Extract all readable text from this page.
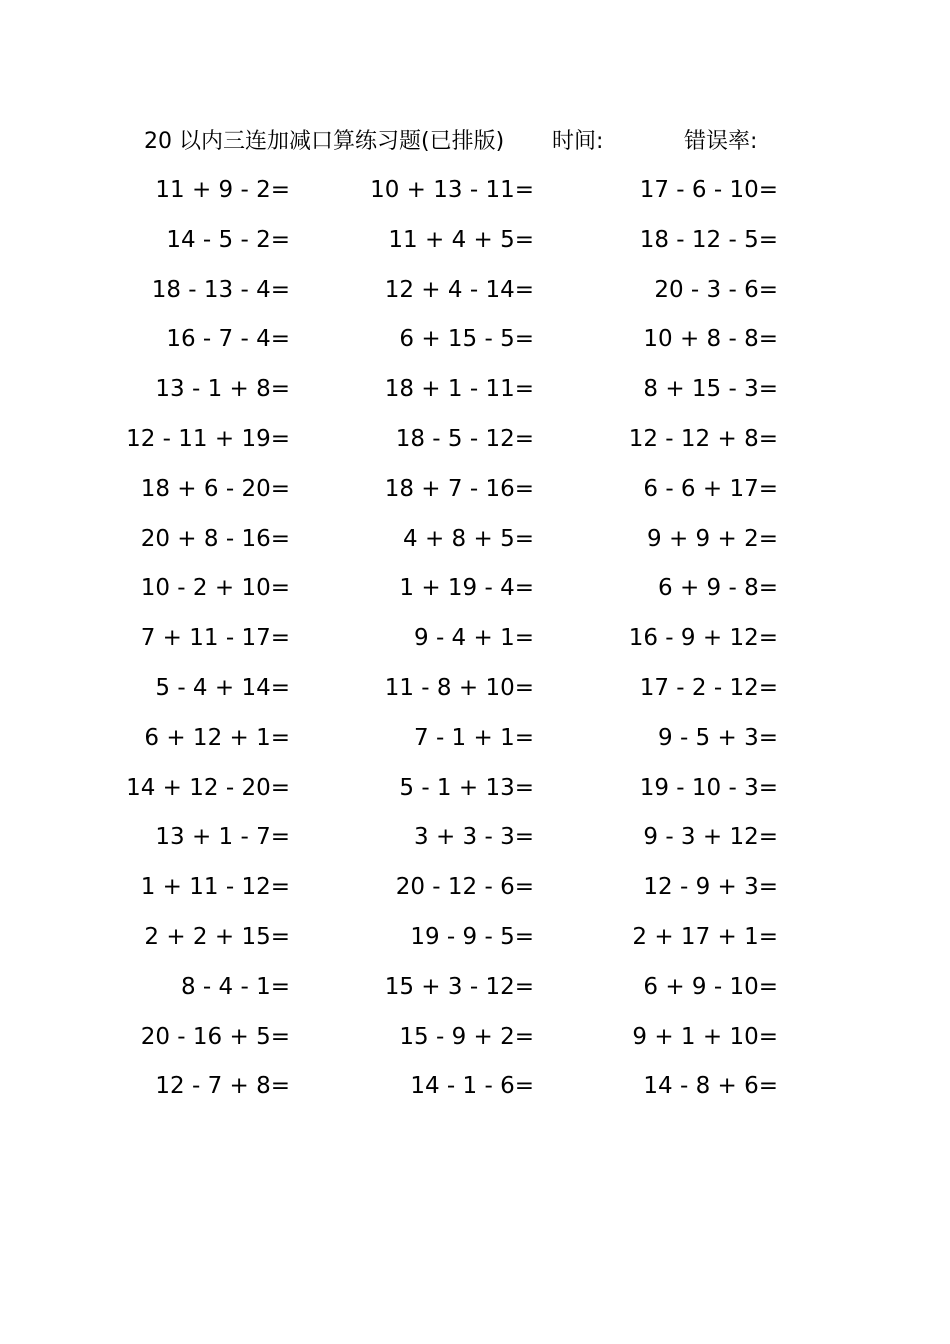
20 以内三连加减口算练习题(已排版) 时间:	错误率:
11 + 9 - 2=	10 + 13 - 11=	17 - 6 - 10=
14 - 5 - 2=	11 + 4 + 5=	18 - 12 - 5=
18 - 13 - 4=	12 + 4 - 14=	20 - 3 - 6=
16 - 7 - 4=	6 + 15 - 5=	10 + 8 - 8=
13 - 1 + 8=	18 + 1 - 11=	8 + 15 - 3=
12 - 11 + 19=	18 - 5 - 12=	12 - 12 + 8=
18 + 6 - 20=	18 + 7 - 16=	6 - 6 + 17=
20 + 8 - 16=	4 + 8 + 5=	9 + 9 + 2=
10 - 2 + 10=	1 + 19 - 4=	6 + 9 - 8=
7 + 11 - 17=	9 - 4 + 1=	16 - 9 + 12=
5 - 4 + 14=	11 - 8 + 10=	17 - 2 - 12=
6 + 12 + 1=	7 - 1 + 1=	9 - 5 + 3=
14 + 12 - 20=	5 - 1 + 13=	19 - 10 - 3=
13 + 1 - 7=	3 + 3 - 3=	9 - 3 + 12=
1 + 11 - 12=	20 - 12 - 6=	12 - 9 + 3=
2 + 2 + 15=	19 - 9 - 5=	2 + 17 + 1=
8 - 4 - 1=	15 + 3 - 12=	6 + 9 - 10=
20 - 16 + 5=	15 - 9 + 2=	9 + 1 + 10=
12 - 7 + 8=	14 - 1 - 6=	14 - 8 + 6=
